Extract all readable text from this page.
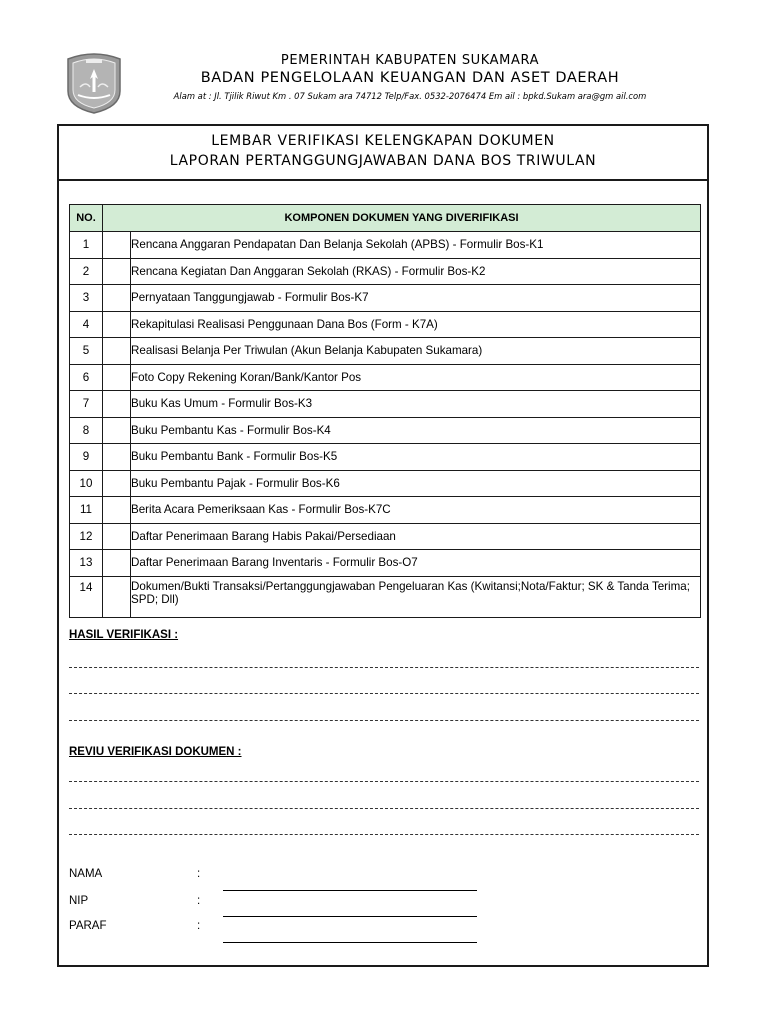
PEMERINTAH KABUPATEN SUKAMARA
BADAN PENGELOLAAN KEUANGAN DAN ASET DAERAH
Alam at : Jl. Tjilik Riwut Km . 07 Sukam ara 74712 Telp/Fax. 0532-2076474 Em ail : bpkd.Sukam ara@gm ail.com
LEMBAR VERIFIKASI KELENGKAPAN DOKUMEN
LAPORAN PERTANGGUNGJAWABAN DANA BOS TRIWULAN
NO.	KOMPONEN DOKUMEN YANG DIVERIFIKASI	
1		Rencana Anggaran Pendapatan Dan Belanja Sekolah (APBS) - Formulir Bos-K1
2		Rencana Kegiatan Dan Anggaran Sekolah (RKAS) - Formulir Bos-K2
3		Pernyataan Tanggungjawab - Formulir Bos-K7
4		Rekapitulasi Realisasi Penggunaan Dana Bos (Form - K7A)
5		Realisasi Belanja Per Triwulan (Akun Belanja Kabupaten Sukamara)
6		Foto Copy Rekening Koran/Bank/Kantor Pos
7		Buku Kas Umum - Formulir Bos-K3
8		Buku Pembantu Kas - Formulir Bos-K4
9		Buku Pembantu Bank - Formulir Bos-K5
10		Buku Pembantu Pajak - Formulir Bos-K6
11		Berita Acara Pemeriksaan Kas - Formulir Bos-K7C
12		Daftar Penerimaan Barang Habis Pakai/Persediaan
13		Daftar Penerimaan Barang Inventaris - Formulir Bos-O7
14		Dokumen/Bukti Transaksi/Pertanggungjawaban Pengeluaran Kas (Kwitansi;Nota/Faktur; SK & Tanda Terima; SPD; Dll)
HASIL VERIFIKASI :
REVIU VERIFIKASI DOKUMEN :
NAMA	:
NIP	:
PARAF	:
